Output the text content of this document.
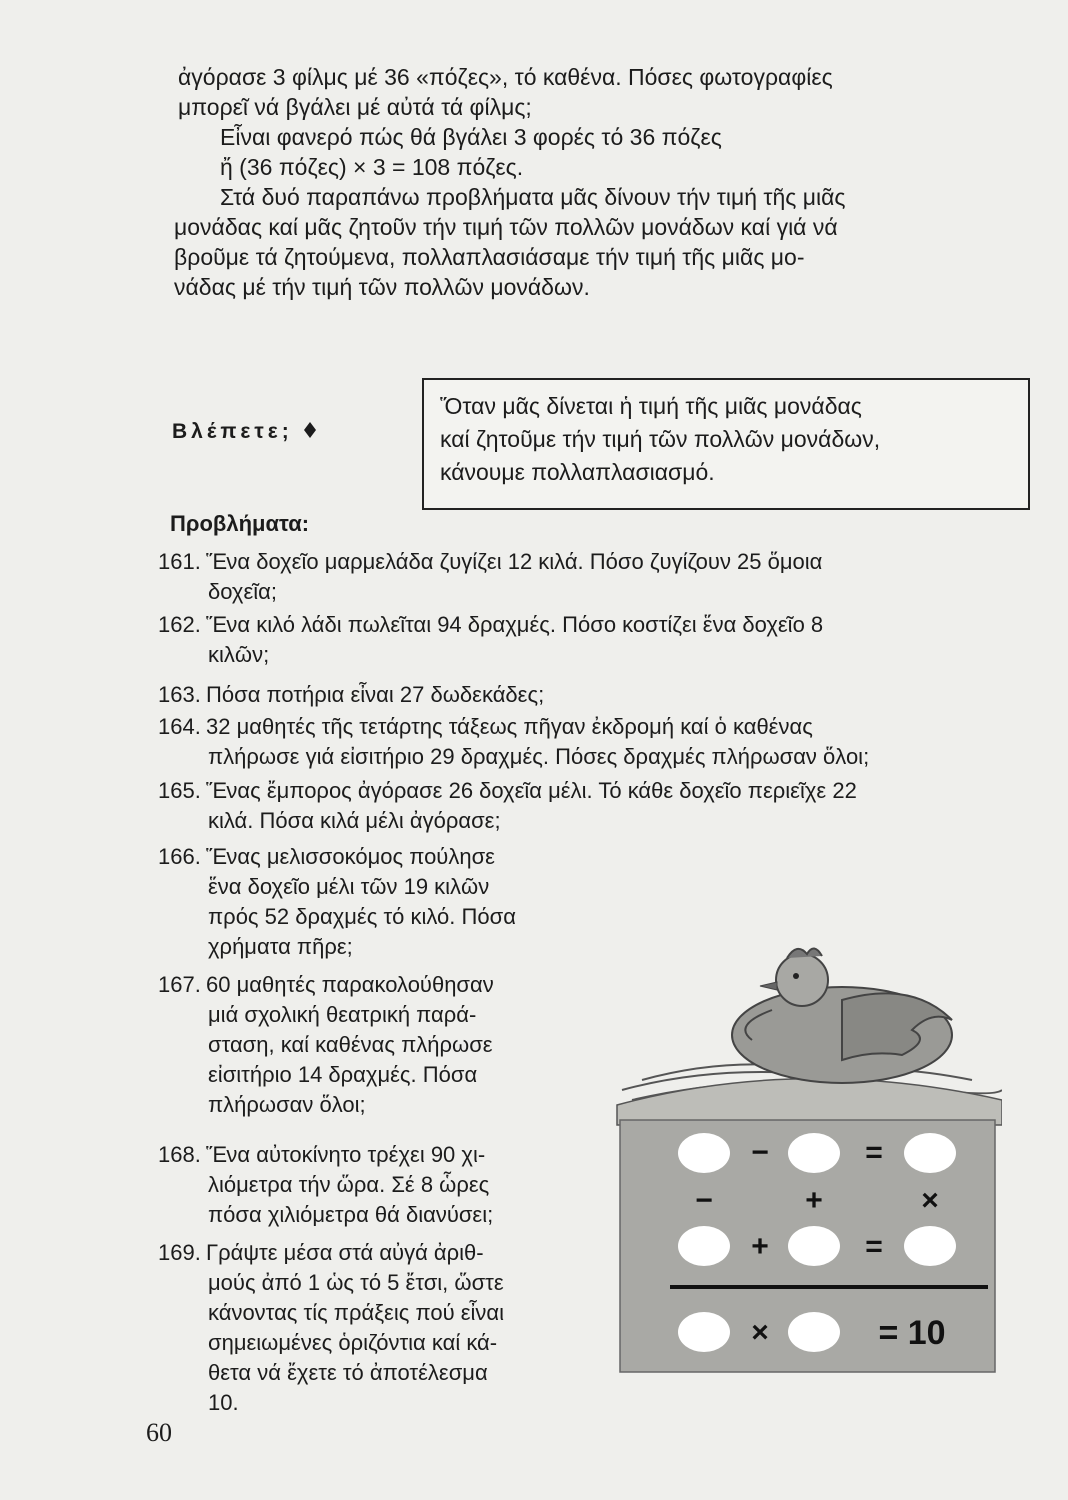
ἀγόρασε 3 φίλμς μέ 36 «πόζες», τό καθένα. Πόσες φωτογραφίες
μπορεῖ νά βγάλει μέ αὐτά τά φίλμς;
Εἶναι φανερό πώς θά βγάλει 3 φορές τό 36 πόζες
ἤ (36 πόζες) × 3 = 108 πόζες.
Στά δυό παραπάνω προβλήματα μᾶς δίνουν τήν τιμή τῆς μιᾶς
μονάδας καί μᾶς ζητοῦν τήν τιμή τῶν πολλῶν μονάδων καί γιά νά
βροῦμε τά ζητούμενα, πολλαπλασιάσαμε τήν τιμή τῆς μιᾶς μο-
νάδας μέ τήν τιμή τῶν πολλῶν μονάδων.
Βλέπετε;
Ὅταν μᾶς δίνεται ἡ τιμή τῆς μιᾶς μονάδας
καί ζητοῦμε τήν τιμή τῶν πολλῶν μονάδων,
κάνουμε πολλαπλασιασμό.
Προβλήματα:
161. Ἕνα δοχεῖο μαρμελάδα ζυγίζει 12 κιλά. Πόσο ζυγίζουν 25 ὅμοια
δοχεῖα;
162. Ἕνα κιλό λάδι πωλεῖται 94 δραχμές. Πόσο κοστίζει ἕνα δοχεῖο 8
κιλῶν;
163. Πόσα ποτήρια εἶναι 27 δωδεκάδες;
164. 32 μαθητές τῆς τετάρτης τάξεως πῆγαν ἐκδρομή καί ὁ καθένας
πλήρωσε γιά εἰσιτήριο 29 δραχμές. Πόσες δραχμές πλήρωσαν ὅλοι;
165. Ἕνας ἔμπορος ἀγόρασε 26 δοχεῖα μέλι. Τό κάθε δοχεῖο περιεῖχε 22
κιλά. Πόσα κιλά μέλι ἀγόρασε;
166. Ἕνας μελισσοκόμος πούλησε
ἕνα δοχεῖο μέλι τῶν 19 κιλῶν
πρός 52 δραχμές τό κιλό. Πόσα
χρήματα πῆρε;
167. 60 μαθητές παρακολούθησαν
μιά σχολική θεατρική παρά-
σταση, καί καθένας πλήρωσε
εἰσιτήριο 14 δραχμές. Πόσα
πλήρωσαν ὅλοι;
168. Ἕνα αὐτοκίνητο τρέχει 90 χι-
λιόμετρα τήν ὥρα. Σέ 8 ὧρες
πόσα χιλιόμετρα θά διανύσει;
169. Γράψτε μέσα στά αὐγά ἀριθ-
μούς ἀπό 1 ὡς τό 5 ἔτσι, ὥστε
κάνοντας τίς πράξεις πού εἶναι
σημειωμένες ὁριζόντια καί κά-
θετα νά ἔχετε τό ἀποτέλεσμα
10.
−	=
−	+	×
+	=
×	= 10
60
